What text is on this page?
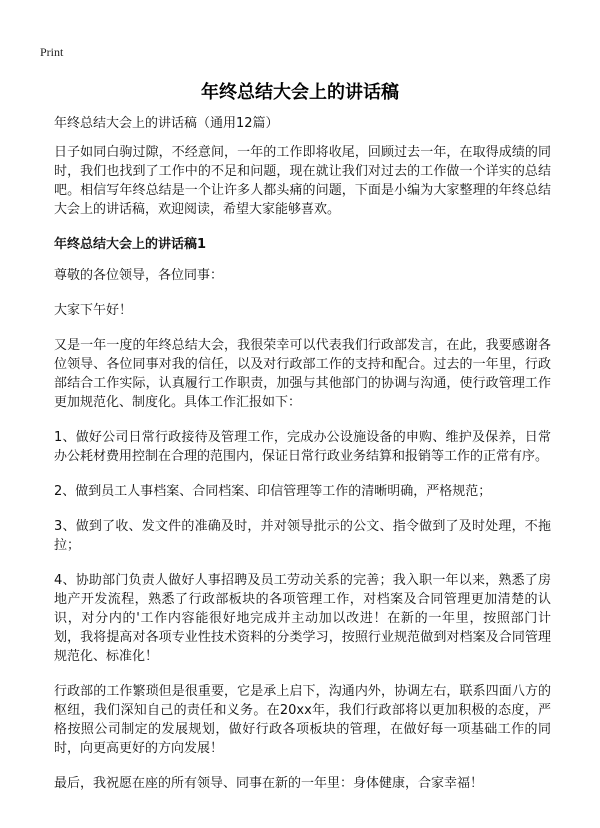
Print
年终总结大会上的讲话稿

年终总结大会上的讲话稿（通用12篇）

日子如同白驹过隙，不经意间，一年的工作即将收尾，回顾过去一年，在取得成绩的同时，我们也找到了工作中的不足和问题，现在就让我们对过去的工作做一个详实的总结吧。相信写年终总结是一个让许多人都头痛的问题，下面是小编为大家整理的年终总结大会上的讲话稿，欢迎阅读，希望大家能够喜欢。

年终总结大会上的讲话稿1

尊敬的各位领导，各位同事：

大家下午好！

又是一年一度的年终总结大会，我很荣幸可以代表我们行政部发言，在此，我要感谢各位领导、各位同事对我的信任，以及对行政部工作的支持和配合。过去的一年里，行政部结合工作实际，认真履行工作职责，加强与其他部门的协调与沟通，使行政管理工作更加规范化、制度化。具体工作汇报如下：

1、做好公司日常行政接待及管理工作，完成办公设施设备的申购、维护及保养，日常办公耗材费用控制在合理的范围内，保证日常行政业务结算和报销等工作的正常有序。

2、做到员工人事档案、合同档案、印信管理等工作的清晰明确，严格规范；

3、做到了收、发文件的准确及时，并对领导批示的公文、指令做到了及时处理，不拖拉；

4、协助部门负责人做好人事招聘及员工劳动关系的完善；我入职一年以来，熟悉了房地产开发流程，熟悉了行政部板块的各项管理工作，对档案及合同管理更加清楚的认识，对分内的'工作内容能很好地完成并主动加以改进！在新的一年里，按照部门计划，我将提高对各项专业性技术资料的分类学习，按照行业规范做到对档案及合同管理规范化、标准化！

行政部的工作繁琐但是很重要，它是承上启下，沟通内外，协调左右，联系四面八方的枢纽，我们深知自己的责任和义务。在20xx年，我们行政部将以更加积极的态度，严格按照公司制定的发展规划，做好行政各项板块的管理，在做好每一项基础工作的同时，向更高更好的方向发展！

最后，我祝愿在座的所有领导、同事在新的一年里：身体健康，合家幸福！
